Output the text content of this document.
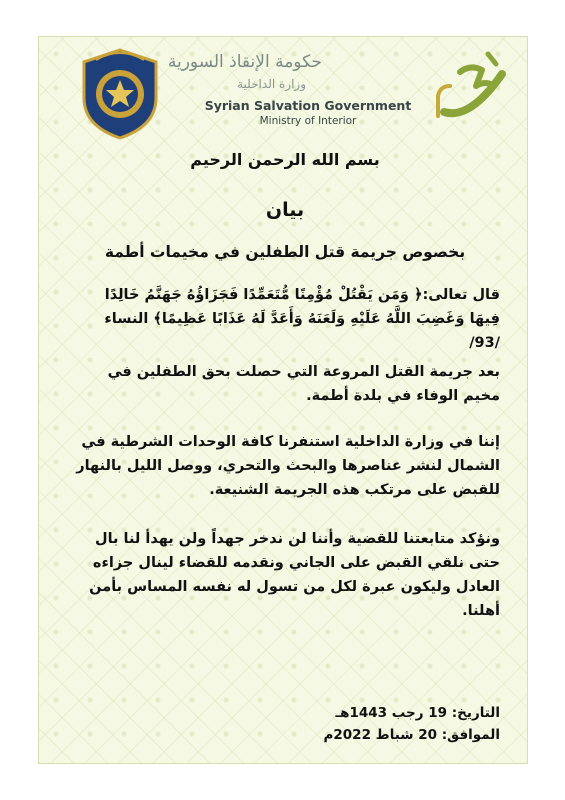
حكومة الإنقاذ السورية
وزارة الداخلية
Syrian Salvation Government
Ministry of Interior
بسم الله الرحمن الرحيم
بيان
بخصوص جريمة قتل الطفلين في مخيمات أطمة
قال تعالى:﴿ وَمَن يَقْتُلْ مُؤْمِنًا مُّتَعَمِّدًا فَجَزَاؤُهُ جَهَنَّمُ خَالِدًا فِيهَا وَغَضِبَ اللَّهُ عَلَيْهِ وَلَعَنَهُ وَأَعَدَّ لَهُ عَذَابًا عَظِيمًا﴾ النساء /93/
بعد جريمة القتل المروعة التي حصلت بحق الطفلين في مخيم الوفاء في بلدة أطمة.
إننا في وزارة الداخلية استنفرنا كافة الوحدات الشرطية في الشمال لنشر عناصرها والبحث والتحري، ووصل الليل بالنهار للقبض على مرتكب هذه الجريمة الشنيعة.
ونؤكد متابعتنا للقضية وأننا لن ندخر جهداً ولن يهدأ لنا بال حتى نلقي القبض على الجاني ونقدمه للقضاء لينال جزاءه العادل وليكون عبرة لكل من تسول له نفسه المساس بأمن أهلنا.
التاريخ: 19 رجب 1443هـ
الموافق: 20 شباط 2022م
